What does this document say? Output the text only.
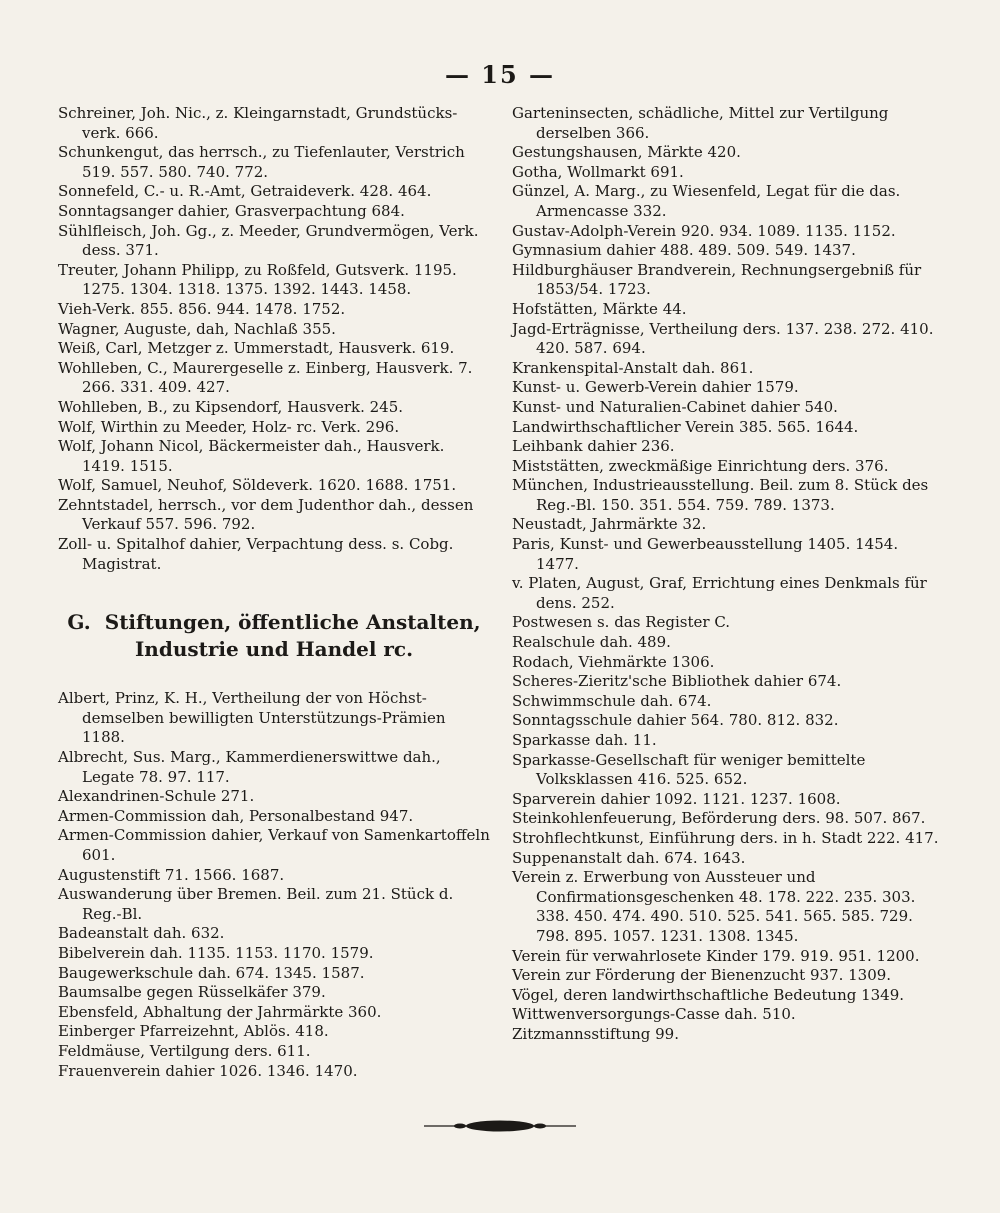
— 15 —

Schreiner, Joh. Nic., z. Kleingarnstadt, Grundstücks-verk. 666.

Schunkengut, das herrsch., zu Tiefenlauter, Verstrich 519. 557. 580. 740. 772.

Sonnefeld, C.- u. R.-Amt, Getraideverk. 428. 464.

Sonntagsanger dahier, Grasverpachtung 684.

Sühlfleisch, Joh. Gg., z. Meeder, Grundvermögen, Verk. dess. 371.

Treuter, Johann Philipp, zu Roßfeld, Gutsverk. 1195. 1275. 1304. 1318. 1375. 1392. 1443. 1458.

Vieh-Verk. 855. 856. 944. 1478. 1752.

Wagner, Auguste, dah, Nachlaß 355.

Weiß, Carl, Metzger z. Ummerstadt, Hausverk. 619.

Wohlleben, C., Maurergeselle z. Einberg, Hausverk. 7. 266. 331. 409. 427.

Wohlleben, B., zu Kipsendorf, Hausverk. 245.

Wolf, Wirthin zu Meeder, Holz- rc. Verk. 296.

Wolf, Johann Nicol, Bäckermeister dah., Hausverk. 1419. 1515.

Wolf, Samuel, Neuhof, Söldeverk. 1620. 1688. 1751.

Zehntstadel, herrsch., vor dem Judenthor dah., dessen Verkauf 557. 596. 792.

Zoll- u. Spitalhof dahier, Verpachtung dess. s. Cobg. Magistrat.

G. Stiftungen, öffentliche Anstalten, Industrie und Handel rc.

Albert, Prinz, K. H., Vertheilung der von Höchst-demselben bewilligten Unterstützungs-Prämien 1188.

Albrecht, Sus. Marg., Kammerdienerswittwe dah., Legate 78. 97. 117.

Alexandrinen-Schule 271.

Armen-Commission dah, Personalbestand 947.

Armen-Commission dahier, Verkauf von Samenkartoffeln 601.

Augustenstift 71. 1566. 1687.

Auswanderung über Bremen. Beil. zum 21. Stück d. Reg.-Bl.

Badeanstalt dah. 632.

Bibelverein dah. 1135. 1153. 1170. 1579.

Baugewerkschule dah. 674. 1345. 1587.

Baumsalbe gegen Rüsselkäfer 379.

Ebensfeld, Abhaltung der Jahrmärkte 360.

Einberger Pfarreizehnt, Ablös. 418.

Feldmäuse, Vertilgung ders. 611.

Frauenverein dahier 1026. 1346. 1470.

Garteninsecten, schädliche, Mittel zur Vertilgung derselben 366.

Gestungshausen, Märkte 420.

Gotha, Wollmarkt 691.

Günzel, A. Marg., zu Wiesenfeld, Legat für die das. Armencasse 332.

Gustav-Adolph-Verein 920. 934. 1089. 1135. 1152.

Gymnasium dahier 488. 489. 509. 549. 1437.

Hildburghäuser Brandverein, Rechnungsergebniß für 1853/54. 1723.

Hofstätten, Märkte 44.

Jagd-Erträgnisse, Vertheilung ders. 137. 238. 272. 410. 420. 587. 694.

Krankenspital-Anstalt dah. 861.

Kunst- u. Gewerb-Verein dahier 1579.

Kunst- und Naturalien-Cabinet dahier 540.

Landwirthschaftlicher Verein 385. 565. 1644.

Leihbank dahier 236.

Miststätten, zweckmäßige Einrichtung ders. 376.

München, Industrieausstellung. Beil. zum 8. Stück des Reg.-Bl. 150. 351. 554. 759. 789. 1373.

Neustadt, Jahrmärkte 32.

Paris, Kunst- und Gewerbeausstellung 1405. 1454. 1477.

v. Platen, August, Graf, Errichtung eines Denkmals für dens. 252.

Postwesen s. das Register C.

Realschule dah. 489.

Rodach, Viehmärkte 1306.

Scheres-Zieritz'sche Bibliothek dahier 674.

Schwimmschule dah. 674.

Sonntagsschule dahier 564. 780. 812. 832.

Sparkasse dah. 11.

Sparkasse-Gesellschaft für weniger bemittelte Volksklassen 416. 525. 652.

Sparverein dahier 1092. 1121. 1237. 1608.

Steinkohlenfeuerung, Beförderung ders. 98. 507. 867.

Strohflechtkunst, Einführung ders. in h. Stadt 222. 417.

Suppenanstalt dah. 674. 1643.

Verein z. Erwerbung von Aussteuer und Confirmationsgeschenken 48. 178. 222. 235. 303. 338. 450. 474. 490. 510. 525. 541. 565. 585. 729. 798. 895. 1057. 1231. 1308. 1345.

Verein für verwahrlosete Kinder 179. 919. 951. 1200.

Verein zur Förderung der Bienenzucht 937. 1309.

Vögel, deren landwirthschaftliche Bedeutung 1349.

Wittwenversorgungs-Casse dah. 510.

Zitzmannsstiftung 99.
